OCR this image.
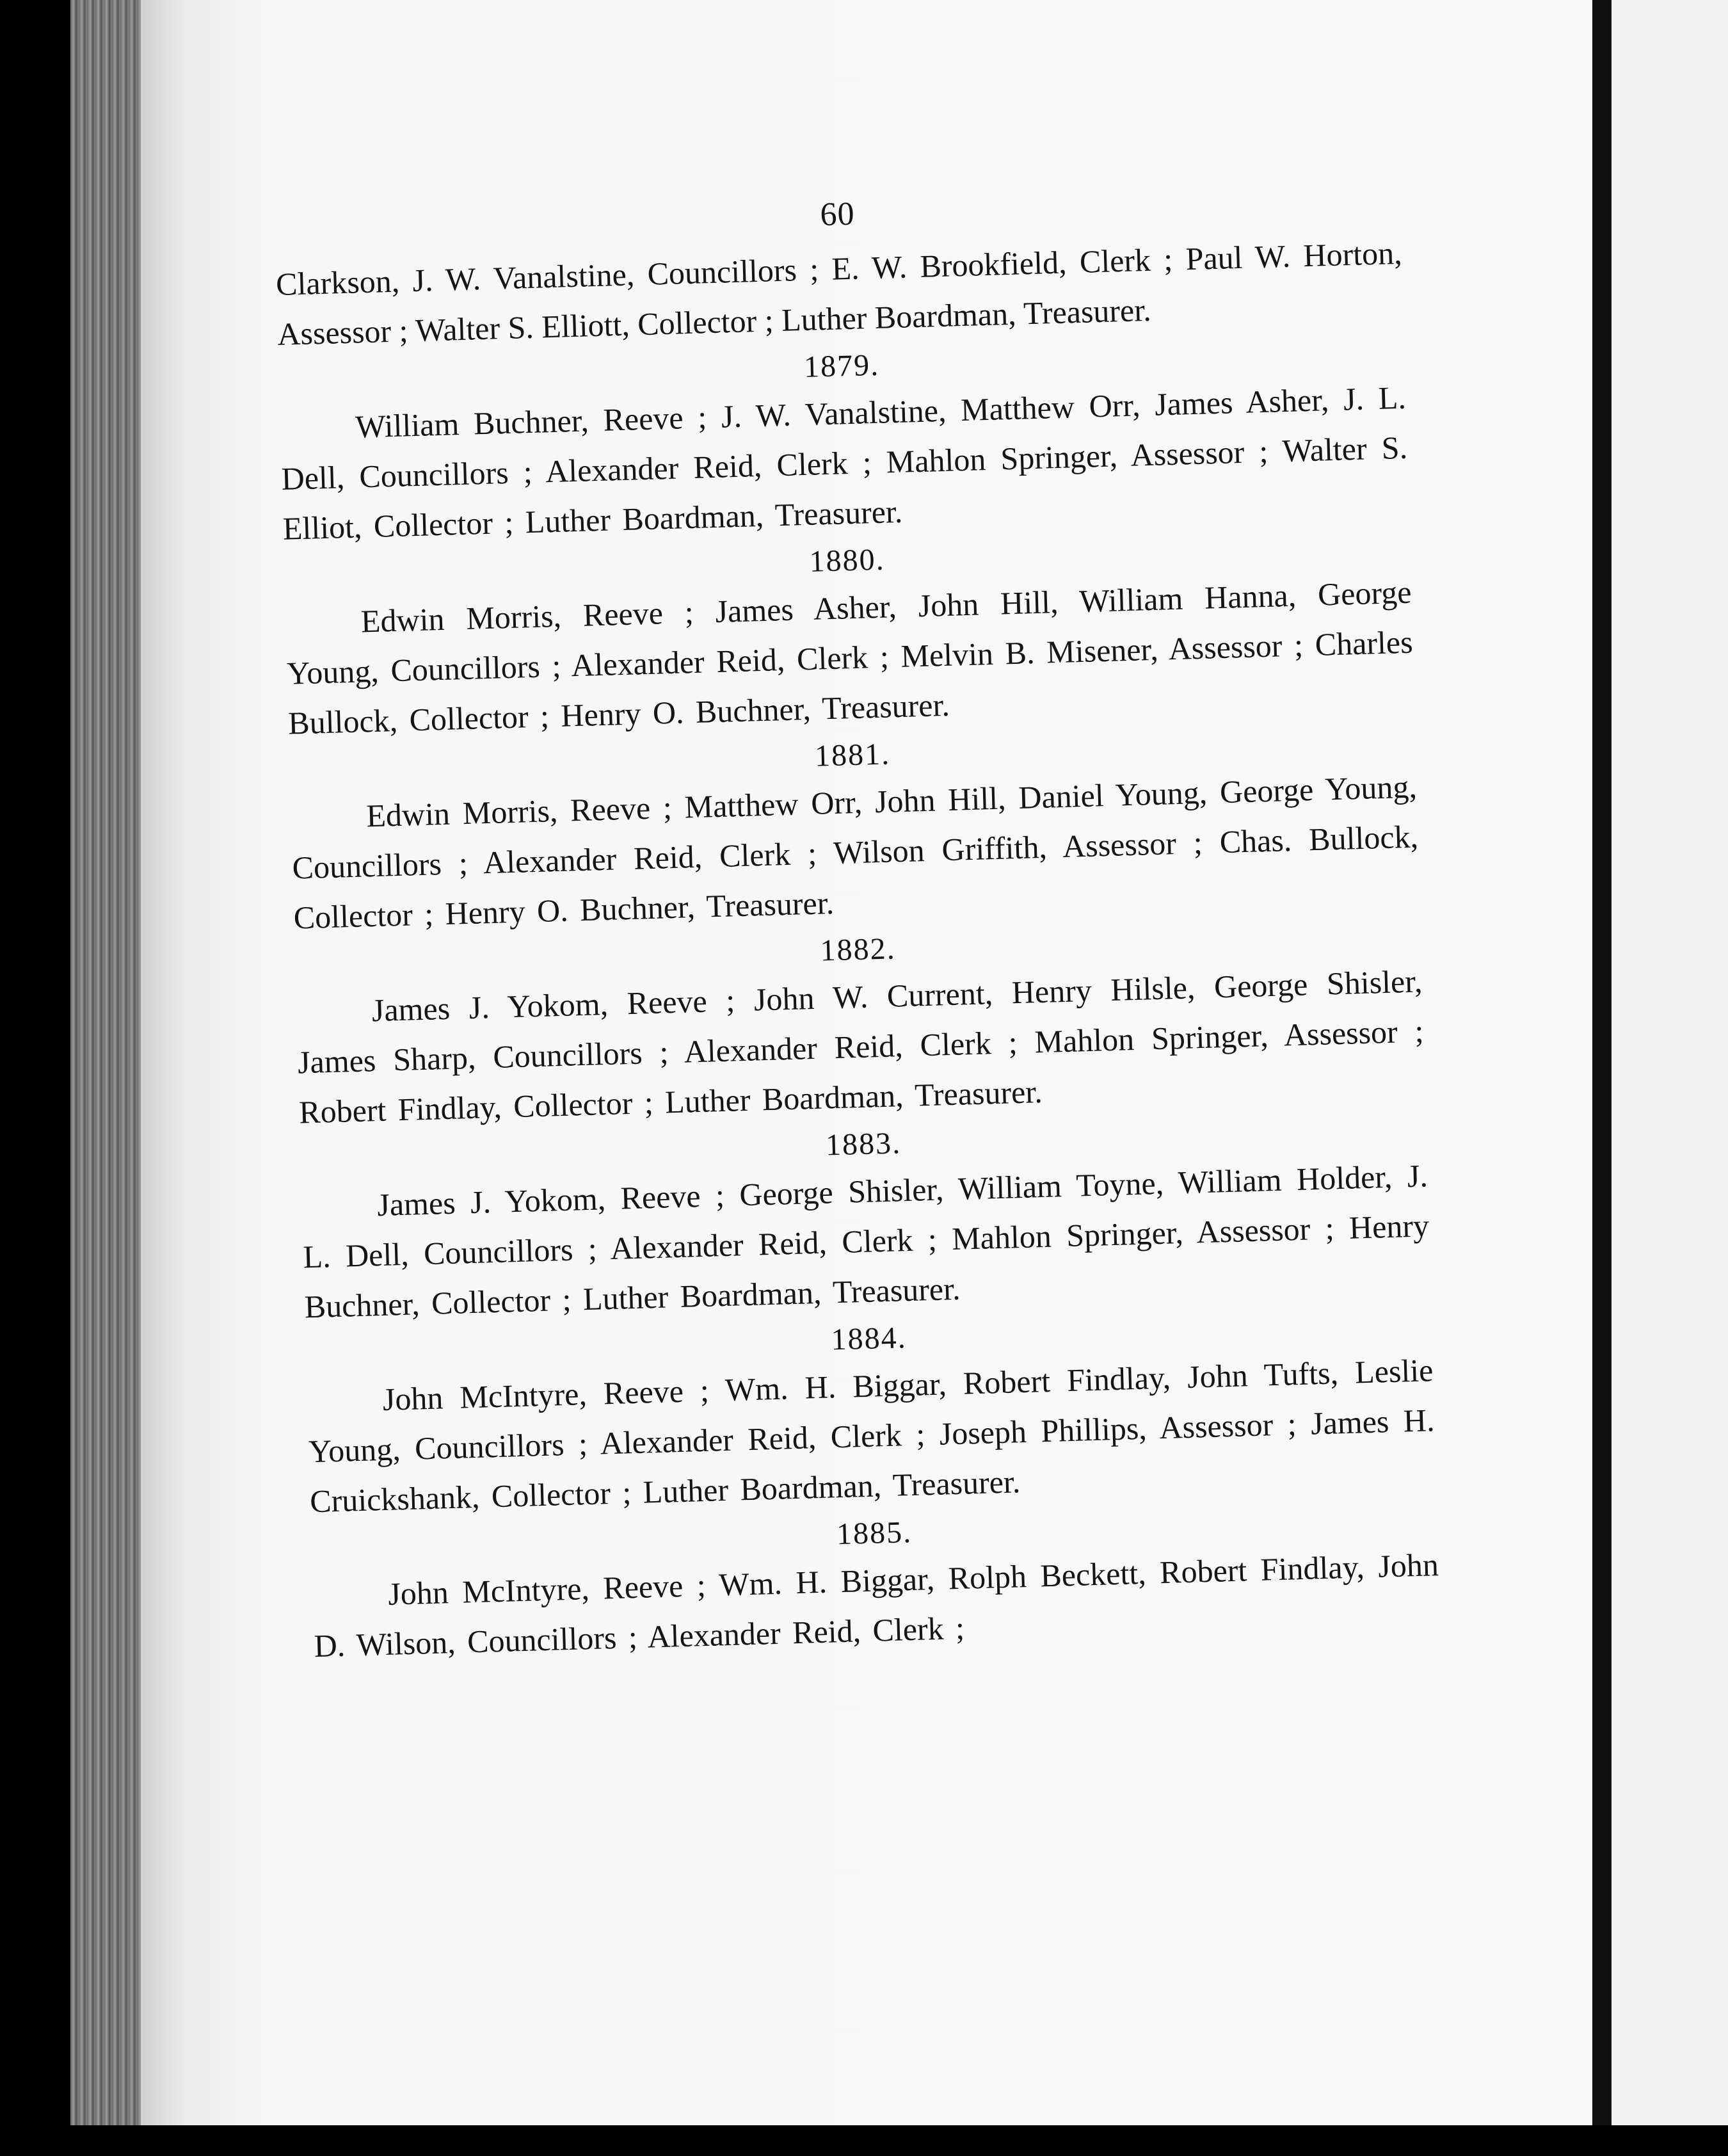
60

Clarkson, J. W. Vanalstine, Councillors ; E. W. Brookfield, Clerk ; Paul W. Horton, Assessor ; Walter S. Elliott, Collector ; Luther Boardman, Treasurer.

1879.

William Buchner, Reeve ; J. W. Vanalstine, Matthew Orr, James Asher, J. L. Dell, Councillors ; Alexander Reid, Clerk ; Mahlon Springer, Assessor ; Walter S. Elliot, Collector ; Luther Boardman, Treasurer.

1880.

Edwin Morris, Reeve ; James Asher, John Hill, William Hanna, George Young, Councillors ; Alexander Reid, Clerk ; Melvin B. Misener, Assessor ; Charles Bullock, Collector ; Henry O. Buchner, Treasurer.

1881.

Edwin Morris, Reeve ; Matthew Orr, John Hill, Daniel Young, George Young, Councillors ; Alexander Reid, Clerk ; Wilson Griffith, Assessor ; Chas. Bullock, Collector ; Henry O. Buchner, Treasurer.

1882.

James J. Yokom, Reeve ; John W. Current, Henry Hilsle, George Shisler, James Sharp, Councillors ; Alexander Reid, Clerk ; Mahlon Springer, Assessor ; Robert Findlay, Collector ; Luther Boardman, Treasurer.

1883.

James J. Yokom, Reeve ; George Shisler, William Toyne, William Holder, J. L. Dell, Councillors ; Alexander Reid, Clerk ; Mahlon Springer, Assessor ; Henry Buchner, Collector ; Luther Boardman, Treasurer.

1884.

John McIntyre, Reeve ; Wm. H. Biggar, Robert Findlay, John Tufts, Leslie Young, Councillors ; Alexander Reid, Clerk ; Joseph Phillips, Assessor ; James H. Cruickshank, Collector ; Luther Boardman, Treasurer.

1885.

John McIntyre, Reeve ; Wm. H. Biggar, Rolph Beckett, Robert Findlay, John D. Wilson, Councillors ; Alexander Reid, Clerk ;
